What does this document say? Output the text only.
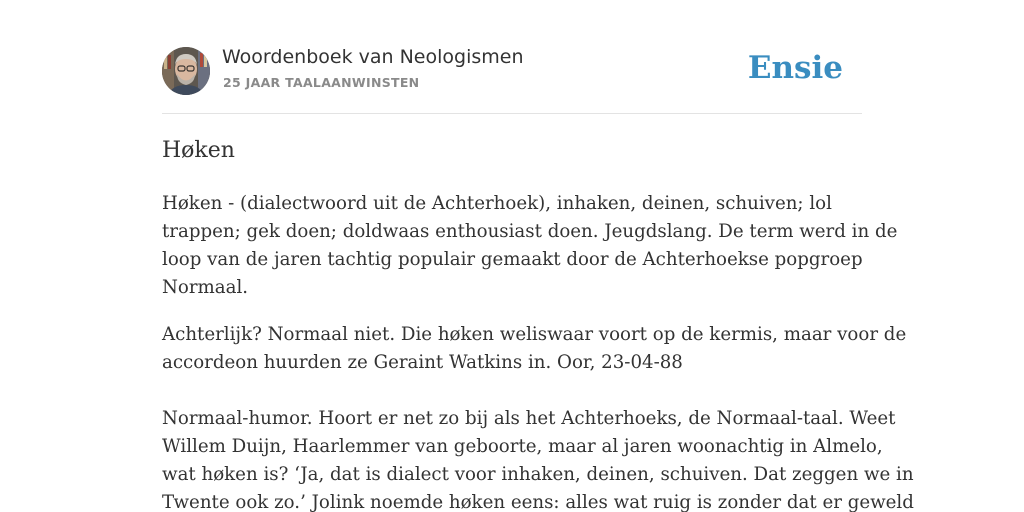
Woordenboek van Neologismen
25 JAAR TAALAANWINSTEN	Ensie
Høken

Høken - (dialectwoord uit de Achterhoek), inhaken, deinen, schuiven; lol
trappen; gek doen; doldwaas enthousiast doen. Jeugdslang. De term werd in de
loop van de jaren tachtig populair gemaakt door de Achterhoekse popgroep
Normaal.

Achterlijk? Normaal niet. Die høken weliswaar voort op de kermis, maar voor de
accordeon huurden ze Geraint Watkins in. Oor, 23-04-88

Normaal-humor. Hoort er net zo bij als het Achterhoeks, de Normaal-taal. Weet
Willem Duijn, Haarlemmer van geboorte, maar al jaren woonachtig in Almelo,
wat høken is? ‘Ja, dat is dialect voor inhaken, deinen, schuiven. Dat zeggen we in
Twente ook zo.’ Jolink noemde høken eens: alles wat ruig is zonder dat er geweld
